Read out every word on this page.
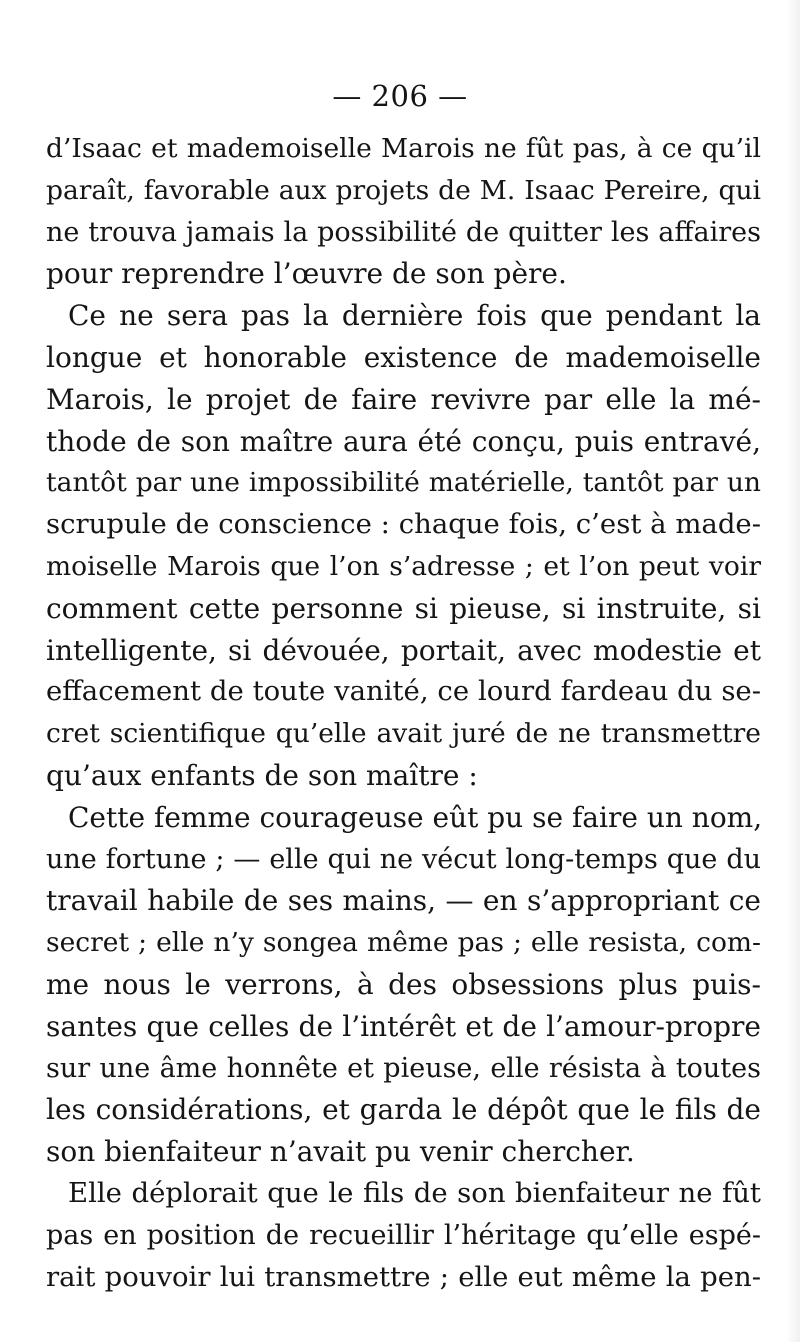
— 206 —
d’Isaac et mademoiselle Marois ne fût pas, à ce qu’il
paraît, favorable aux projets de M. Isaac Pereire, qui
ne trouva jamais la possibilité de quitter les affaires
pour reprendre l’œuvre de son père.
Ce ne sera pas la dernière fois que pendant la
longue et honorable existence de mademoiselle
Marois, le projet de faire revivre par elle la mé-
thode de son maître aura été conçu, puis entravé,
tantôt par une impossibilité matérielle, tantôt par un
scrupule de conscience : chaque fois, c’est à made-
moiselle Marois que l’on s’adresse ; et l’on peut voir
comment cette personne si pieuse, si instruite, si
intelligente, si dévouée, portait, avec modestie et
effacement de toute vanité, ce lourd fardeau du se-
cret scientifique qu’elle avait juré de ne transmettre
qu’aux enfants de son maître :
Cette femme courageuse eût pu se faire un nom,
une fortune ; — elle qui ne vécut long-temps que du
travail habile de ses mains, — en s’appropriant ce
secret ; elle n’y songea même pas ; elle resista, com-
me nous le verrons, à des obsessions plus puis-
santes que celles de l’intérêt et de l’amour-propre
sur une âme honnête et pieuse, elle résista à toutes
les considérations, et garda le dépôt que le fils de
son bienfaiteur n’avait pu venir chercher.
Elle déplorait que le fils de son bienfaiteur ne fût
pas en position de recueillir l’héritage qu’elle espé-
rait pouvoir lui transmettre ; elle eut même la pen-
